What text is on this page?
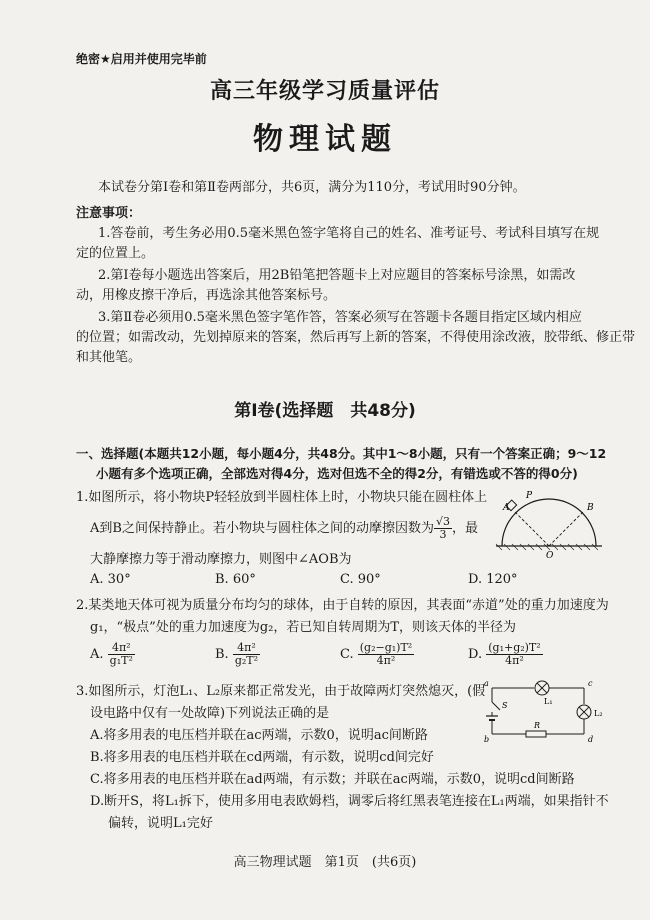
绝密★启用并使用完毕前
高三年级学习质量评估
物理试题
本试卷分第Ⅰ卷和第Ⅱ卷两部分，共6页，满分为110分，考试用时90分钟。
注意事项：
1.答卷前，考生务必用0.5毫米黑色签字笔将自己的姓名、准考证号、考试科目填写在规
定的位置上。
2.第Ⅰ卷每小题选出答案后，用2B铅笔把答题卡上对应题目的答案标号涂黑，如需改
动，用橡皮擦干净后，再选涂其他答案标号。
3.第Ⅱ卷必须用0.5毫米黑色签字笔作答，答案必须写在答题卡各题目指定区域内相应
的位置；如需改动，先划掉原来的答案，然后再写上新的答案，不得使用涂改液，胶带纸、修正带
和其他笔。
第Ⅰ卷(选择题　共48分)
一、选择题(本题共12小题，每小题4分，共48分。其中1～8小题，只有一个答案正确；9～12
小题有多个选项正确，全部选对得4分，选对但选不全的得2分，有错选或不答的得0分)
1.如图所示，将小物块P轻轻放到半圆柱体上时，小物块只能在圆柱体上
A到B之间保持静止。若小物块与圆柱体之间的动摩擦因数为 $\frac{√3}{3}$ ，最
大静摩擦力等于滑动摩擦力，则图中∠AOB为
A. 30°	B. 60°	C. 90°	D. 120°
P
A	B
O
2.某类地天体可视为质量分布均匀的球体，由于自转的原因，其表面“赤道”处的重力加速度为
g₁，“极点”处的重力加速度为g₂，若已知自转周期为T，则该天体的半径为
A. $\frac{\text{4π²}}{\text{g₁T²}}$	B. $\frac{\text{4π²}}{\text{g₂T²}}$	C. $\frac{\text{(g₂−g₁)T²}}{\text{4π²}}$	D. $\frac{\text{(g₁+g₂)T²}}{\text{4π²}}$
3.如图所示，灯泡L₁、L₂原来都正常发光，由于故障两灯突然熄灭，(假
设电路中仅有一处故障)下列说法正确的是
A.将多用表的电压档并联在ac两端，示数0，说明ac间断路
B.将多用表的电压档并联在cd两端，有示数，说明cd间完好
C.将多用表的电压档并联在ad两端，有示数；并联在ac两端，示数0，说明cd间断路
D.断开S，将L₁拆下，使用多用电表欧姆档，调零后将红黑表笔连接在L₁两端，如果指针不
偏转，说明L₁完好
a
b
c
d
S
R
L₁
L₂
高三物理试题　第1页　(共6页)
